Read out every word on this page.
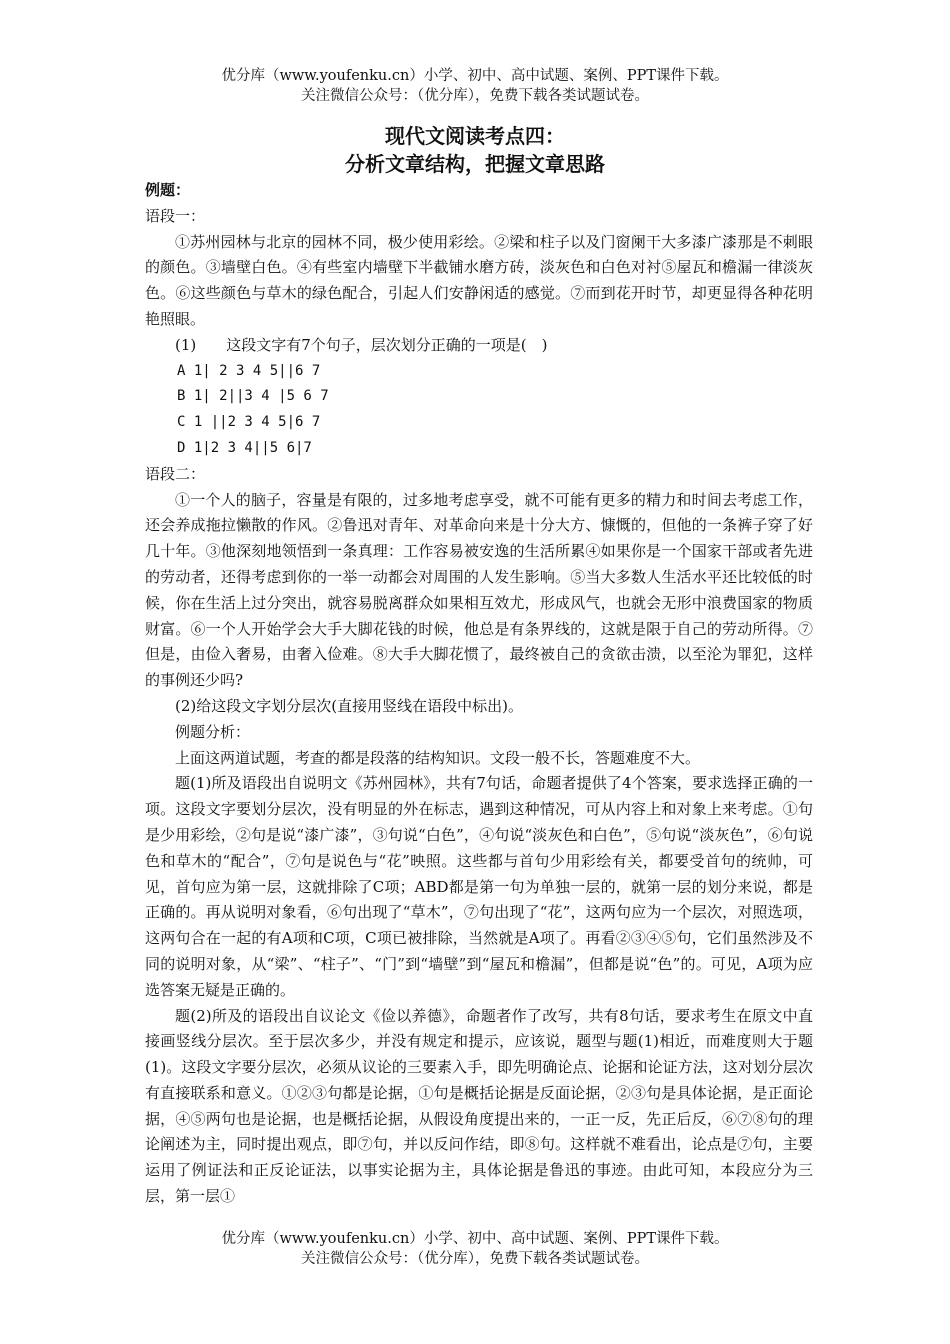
优分库（www.youfenku.cn）小学、初中、高中试题、案例、PPT课件下载。
关注微信公众号：（优分库），免费下载各类试题试卷。
现代文阅读考点四：
分析文章结构，把握文章思路

例题：

语段一：

①苏州园林与北京的园林不同，极少使用彩绘。②梁和柱子以及门窗阑干大多漆广漆那是不刺眼的颜色。③墙壁白色。④有些室内墙壁下半截铺水磨方砖，淡灰色和白色对衬⑤屋瓦和檐漏一律淡灰色。⑥这些颜色与草木的绿色配合，引起人们安静闲适的感觉。⑦而到花开时节，却更显得各种花明艳照眼。

(1)　　这段文字有7个句子，层次划分正确的一项是(　)

A 1| 2 3 4 5||6 7

B 1| 2||3 4 |5 6 7

C 1 ||2 3 4 5|6 7

D 1|2 3 4||5 6|7

语段二：

①一个人的脑子，容量是有限的，过多地考虑享受，就不可能有更多的精力和时间去考虑工作，还会养成拖拉懒散的作风。②鲁迅对青年、对革命向来是十分大方、慷慨的，但他的一条裤子穿了好几十年。③他深刻地领悟到一条真理：工作容易被安逸的生活所累④如果你是一个国家干部或者先进的劳动者，还得考虑到你的一举一动都会对周围的人发生影响。⑤当大多数人生活水平还比较低的时候，你在生活上过分突出，就容易脱离群众如果相互效尤，形成风气，也就会无形中浪费国家的物质财富。⑥一个人开始学会大手大脚花钱的时候，他总是有条界线的，这就是限于自己的劳动所得。⑦但是，由俭入奢易，由奢入俭难。⑧大手大脚花惯了，最终被自己的贪欲击溃，以至沦为罪犯，这样的事例还少吗?

(2)给这段文字划分层次(直接用竖线在语段中标出)。

例题分析：

上面这两道试题，考查的都是段落的结构知识。文段一般不长，答题难度不大。

题(1)所及语段出自说明文《苏州园林》，共有7句话，命题者提供了4个答案，要求选择正确的一项。这段文字要划分层次，没有明显的外在标志，遇到这种情况，可从内容上和对象上来考虑。①句是少用彩绘，②句是说“漆广漆”，③句说“白色”，④句说“淡灰色和白色”，⑤句说“淡灰色”，⑥句说色和草木的“配合”，⑦句是说色与“花”映照。这些都与首句少用彩绘有关，都要受首句的统帅，可见，首句应为第一层，这就排除了C项；ABD都是第一句为单独一层的，就第一层的划分来说，都是正确的。再从说明对象看，⑥句出现了“草木”，⑦句出现了“花”，这两句应为一个层次，对照选项，这两句合在一起的有A项和C项，C项已被排除，当然就是A项了。再看②③④⑤句，它们虽然涉及不同的说明对象，从“梁”、“柱子”、“门”到“墙壁”到“屋瓦和檐漏”，但都是说“色”的。可见，A项为应选答案无疑是正确的。

题(2)所及的语段出自议论文《俭以养德》，命题者作了改写，共有8句话，要求考生在原文中直接画竖线分层次。至于层次多少，并没有规定和提示，应该说，题型与题(1)相近，而难度则大于题(1)。这段文字要分层次，必须从议论的三要素入手，即先明确论点、论据和论证方法，这对划分层次有直接联系和意义。①②③句都是论据，①句是概括论据是反面论据，②③句是具体论据，是正面论据，④⑤两句也是论据，也是概括论据，从假设角度提出来的，一正一反，先正后反，⑥⑦⑧句的理论阐述为主，同时提出观点，即⑦句，并以反问作结，即⑧句。这样就不难看出，论点是⑦句，主要运用了例证法和正反论证法，以事实论据为主，具体论据是鲁迅的事迹。由此可知，本段应分为三层，第一层①

优分库（www.youfenku.cn）小学、初中、高中试题、案例、PPT课件下载。
关注微信公众号：（优分库），免费下载各类试题试卷。
